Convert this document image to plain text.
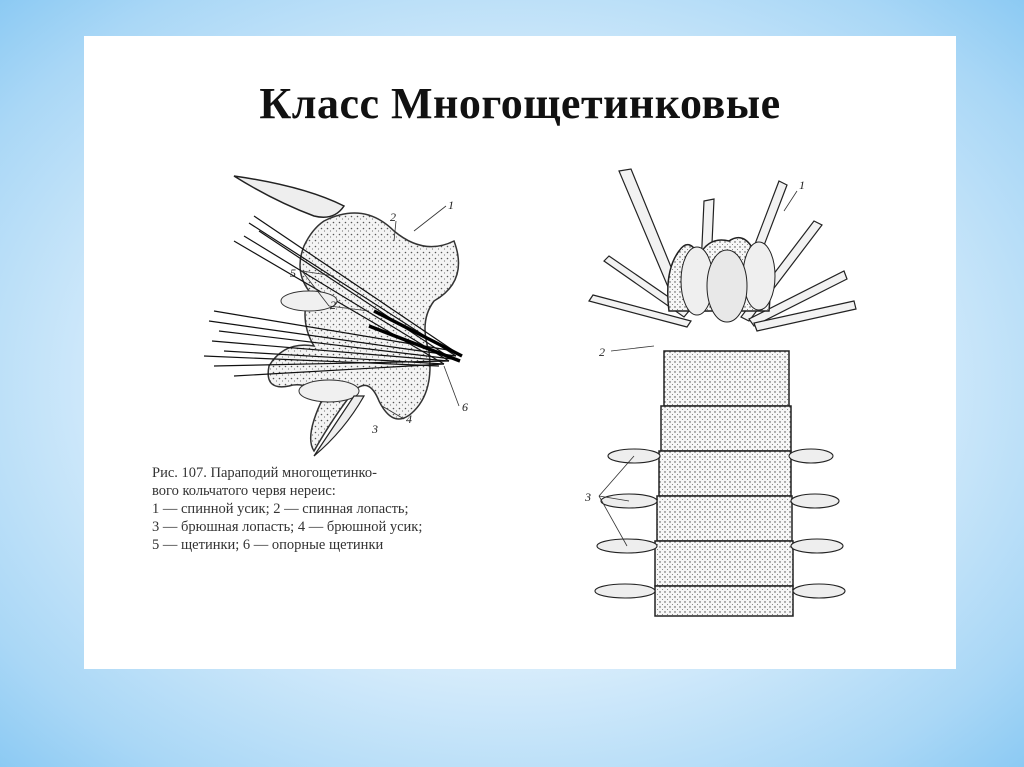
Класс Многощетинковые
1
2
5
2
3
4
6
Рис. 107. Параподий многощетинко-
вого кольчатого червя нереис:
1 — спинной усик; 2 — спинная лопасть;
3 — брюшная лопасть; 4 — брюшной усик;
5 — щетинки; 6 — опорные щетинки
1
2
3
